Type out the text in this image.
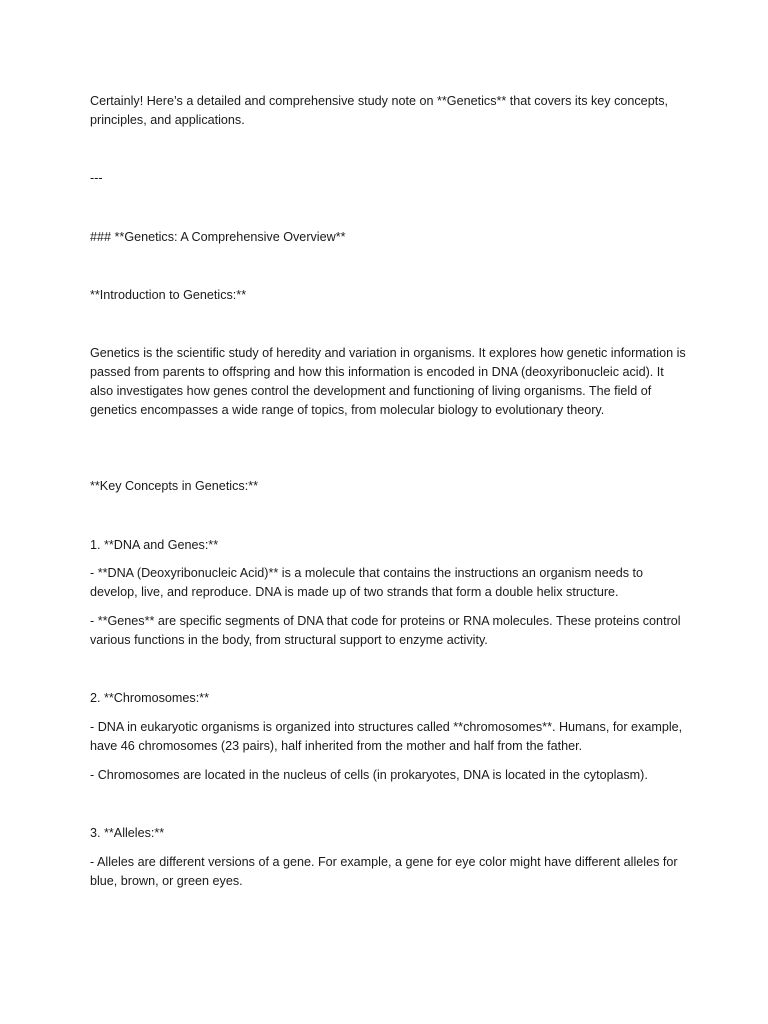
Certainly! Here’s a detailed and comprehensive study note on **Genetics** that covers its key concepts, principles, and applications.

---

### **Genetics: A Comprehensive Overview**

**Introduction to Genetics:**

Genetics is the scientific study of heredity and variation in organisms. It explores how genetic information is passed from parents to offspring and how this information is encoded in DNA (deoxyribonucleic acid). It also investigates how genes control the development and functioning of living organisms. The field of genetics encompasses a wide range of topics, from molecular biology to evolutionary theory.

**Key Concepts in Genetics:**

1. **DNA and Genes:**

- **DNA (Deoxyribonucleic Acid)** is a molecule that contains the instructions an organism needs to develop, live, and reproduce. DNA is made up of two strands that form a double helix structure.

- **Genes** are specific segments of DNA that code for proteins or RNA molecules. These proteins control various functions in the body, from structural support to enzyme activity.

2. **Chromosomes:**

- DNA in eukaryotic organisms is organized into structures called **chromosomes**. Humans, for example, have 46 chromosomes (23 pairs), half inherited from the mother and half from the father.

- Chromosomes are located in the nucleus of cells (in prokaryotes, DNA is located in the cytoplasm).

3. **Alleles:**

- Alleles are different versions of a gene. For example, a gene for eye color might have different alleles for blue, brown, or green eyes.
